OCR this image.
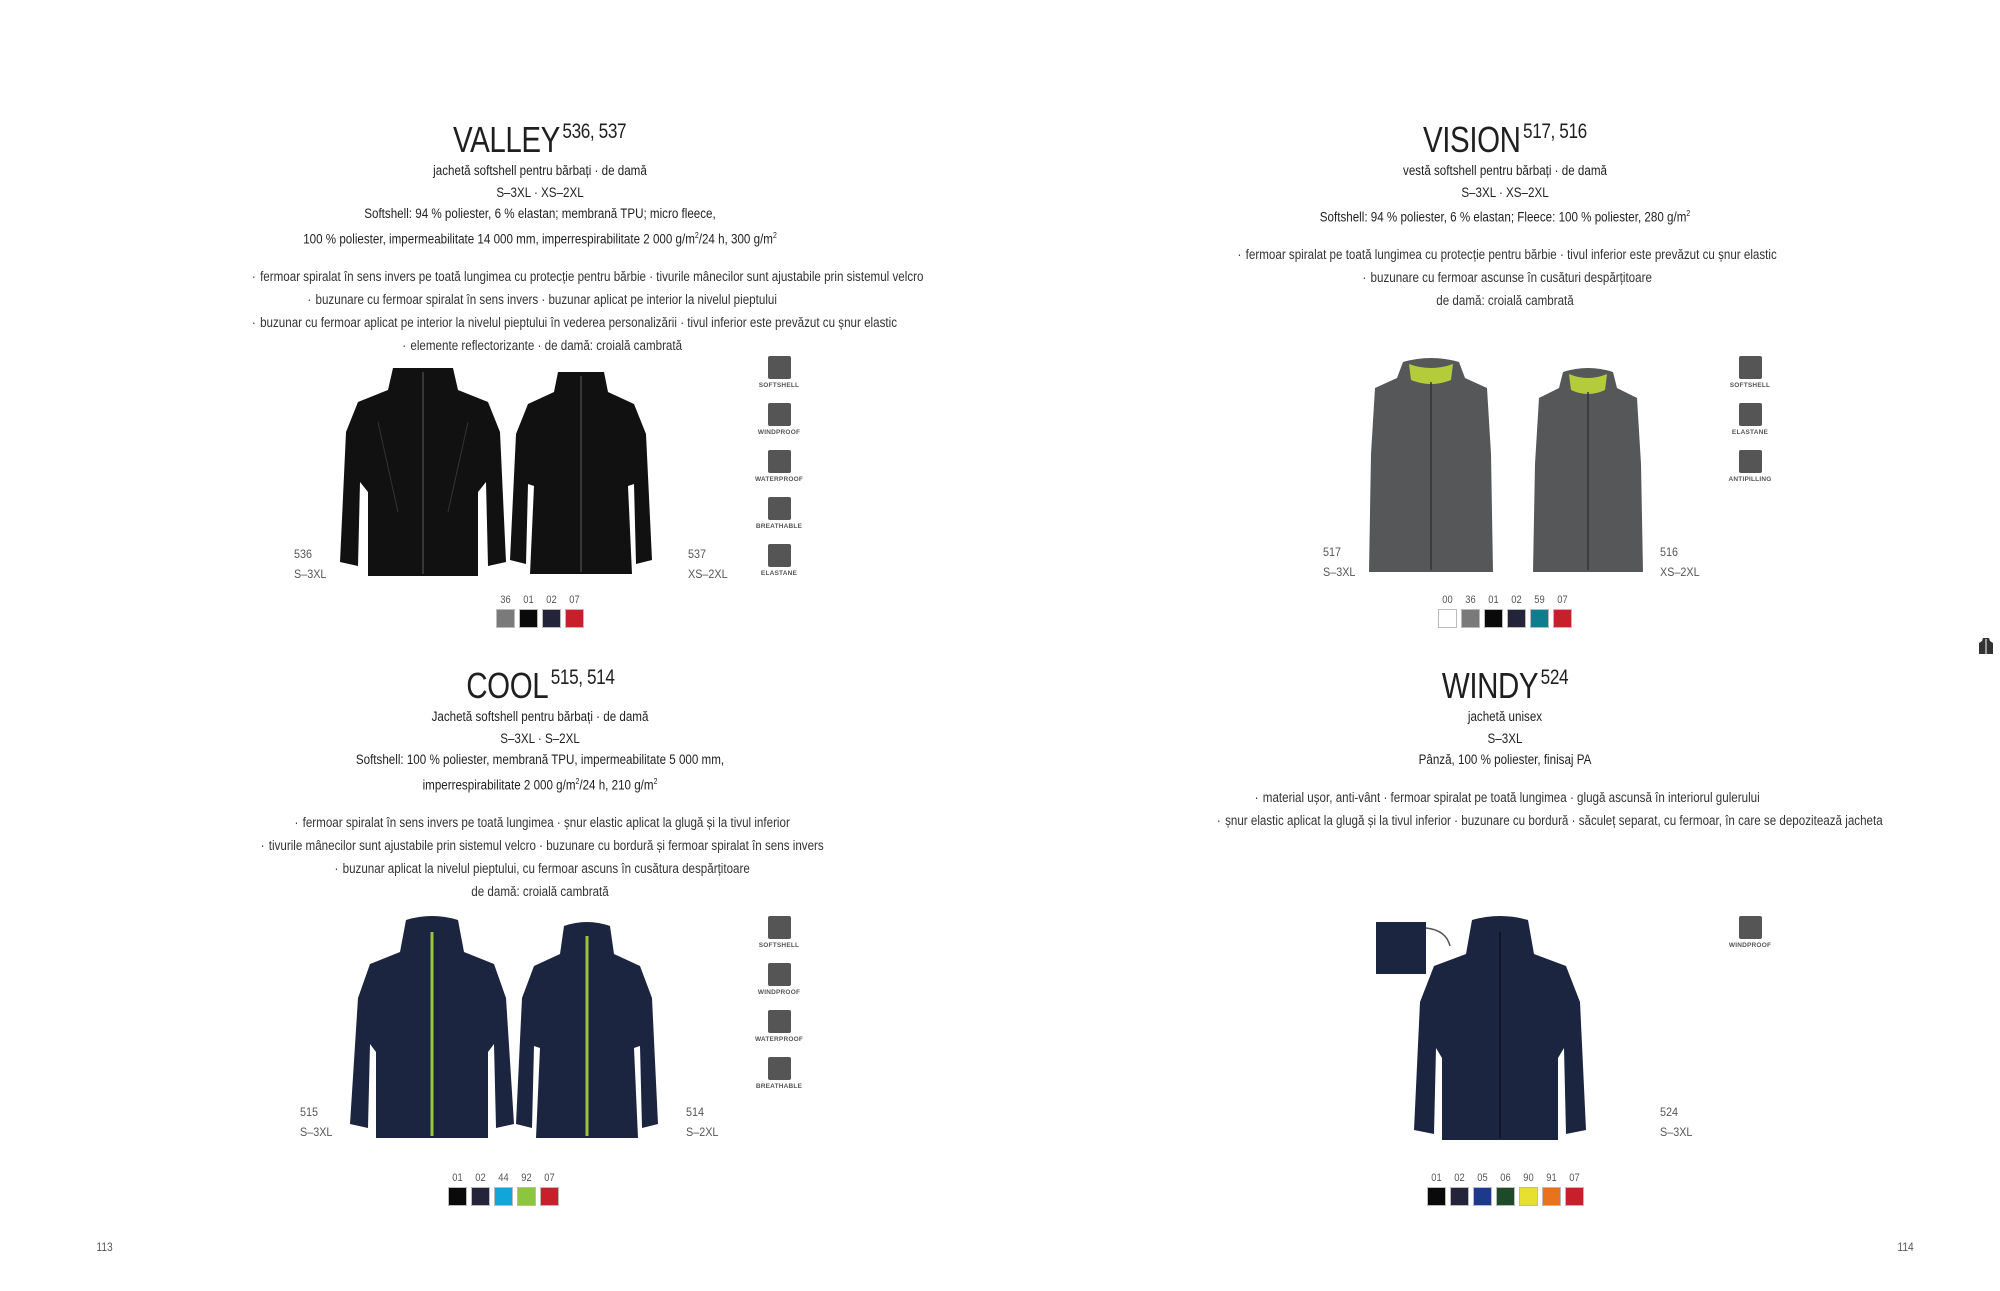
VALLEY $^{536, 537}$
jachetă softshell pentru bărbați · de damă
S–3XL · XS–2XL
Softshell: 94 % poliester, 6 % elastan; membrană TPU; micro fleece,
100 % poliester, impermeabilitate 14 000 mm, imperrespirabilitate 2 000 $g/m^2/24$ h, 300 $g/m^2$
· fermoar spiralat în sens invers pe toată lungimea cu protecție pentru bărbie · tivurile mânecilor sunt ajustabile prin sistemul velcro
· buzunare cu fermoar spiralat în sens invers · buzunar aplicat pe interior la nivelul pieptului
· buzunar cu fermoar aplicat pe interior la nivelul pieptului în vederea personalizării · tivul inferior este prevăzut cu șnur elastic
· elemente reflectorizante · de damă: croială cambrată
536
S–3XL
537
XS–2XL
SOFTSHELL
WINDPROOF
WATERPROOF
BREATHABLE
ELASTANE
36 01 02 07
COOL $^{515, 514}$
Jachetă softshell pentru bărbați · de damă
S–3XL · S–2XL
Softshell: 100 % poliester, membrană TPU, impermeabilitate 5 000 mm,
imperrespirabilitate 2 000 $g/m^2/24$ h, 210 $g/m^2$
· fermoar spiralat în sens invers pe toată lungimea · șnur elastic aplicat la glugă și la tivul inferior
· tivurile mânecilor sunt ajustabile prin sistemul velcro · buzunare cu bordură și fermoar spiralat în sens invers
· buzunar aplicat la nivelul pieptului, cu fermoar ascuns în cusătura despărțitoare
de damă: croială cambrată
515
S–3XL
514
S–2XL
SOFTSHELL
WINDPROOF
WATERPROOF
BREATHABLE
01 02 44 92 07
113
VISION $^{517, 516}$
vestă softshell pentru bărbați · de damă
S–3XL · XS–2XL
Softshell: 94 % poliester, 6 % elastan; Fleece: 100 % poliester, 280 $g/m^2$
· fermoar spiralat pe toată lungimea cu protecție pentru bărbie · tivul inferior este prevăzut cu șnur elastic
· buzunare cu fermoar ascunse în cusături despărțitoare
de damă: croială cambrată
517
S–3XL
516
XS–2XL
SOFTSHELL
ELASTANE
ANTIPILLING
00 36 01 02 59 07
WINDY $^{524}$
jachetă unisex
S–3XL
Pânză, 100 % poliester, finisaj PA
· material ușor, anti-vânt · fermoar spiralat pe toată lungimea · glugă ascunsă în interiorul gulerului
· șnur elastic aplicat la glugă și la tivul inferior · buzunare cu bordură · săculeț separat, cu fermoar, în care se depozitează jacheta
524
S–3XL
WINDPROOF
01 02 05 06 90 91 07
114
